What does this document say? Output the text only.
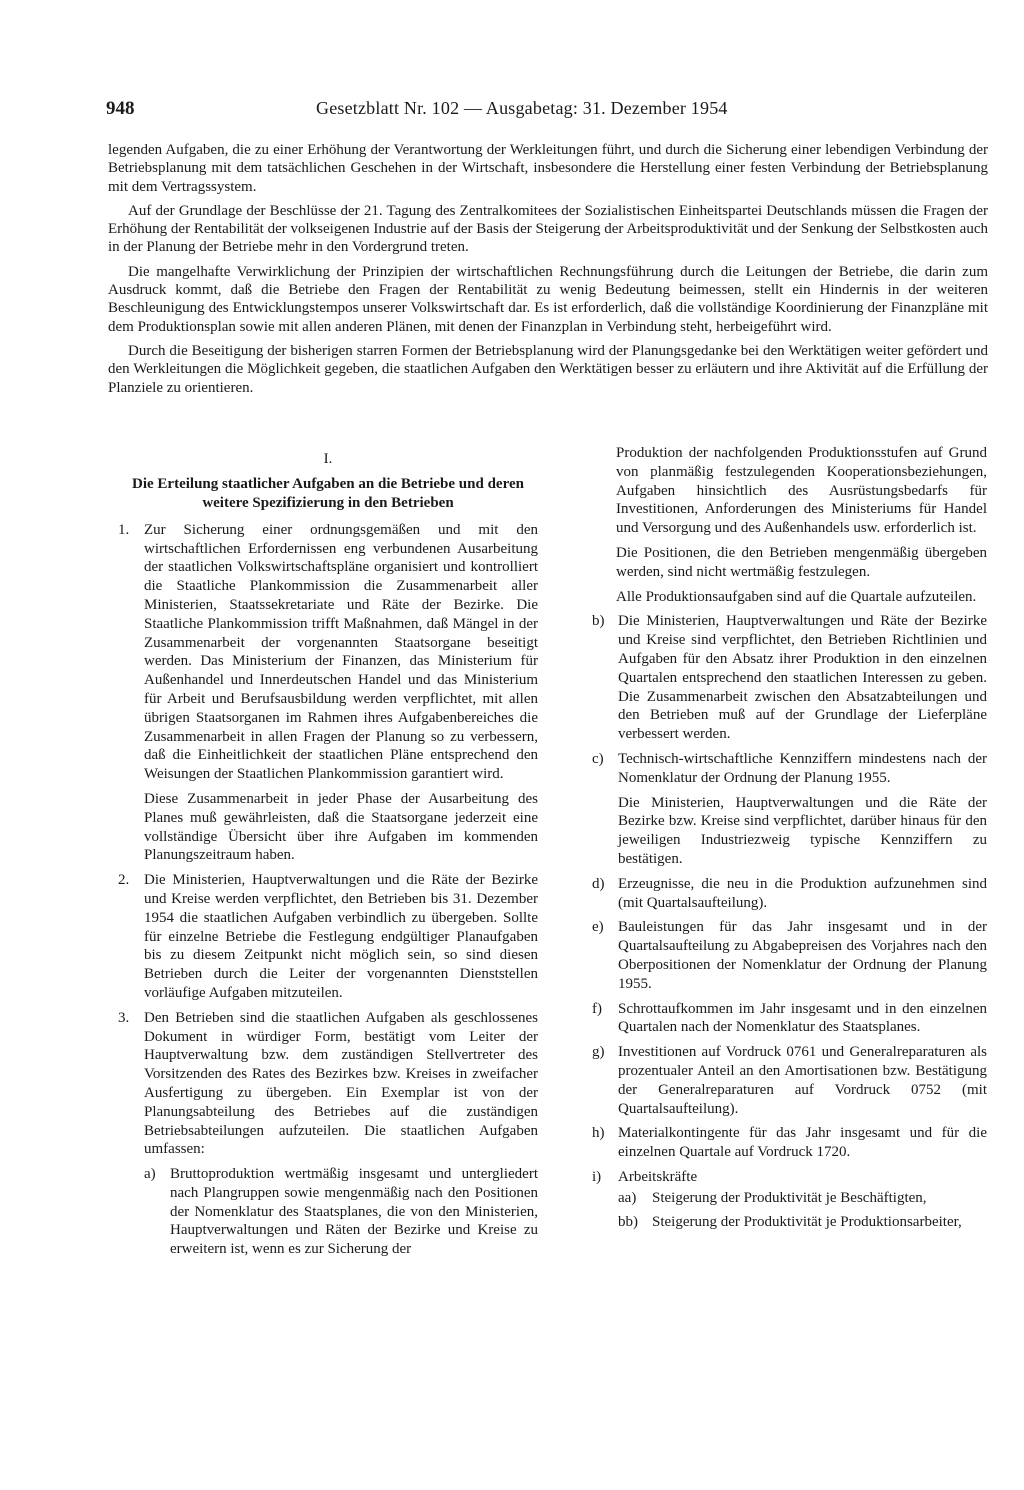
948	Gesetzblatt Nr. 102 — Ausgabetag: 31. Dezember 1954

legenden Aufgaben, die zu einer Erhöhung der Verantwortung der Werkleitungen führt, und durch die Sicherung einer lebendigen Verbindung der Betriebsplanung mit dem tatsächlichen Geschehen in der Wirtschaft, insbesondere die Herstellung einer festen Verbindung der Betriebsplanung mit dem Vertragssystem.

Auf der Grundlage der Beschlüsse der 21. Tagung des Zentralkomitees der Sozialistischen Einheitspartei Deutschlands müssen die Fragen der Erhöhung der Rentabilität der volkseigenen Industrie auf der Basis der Steigerung der Arbeitsproduktivität und der Senkung der Selbstkosten auch in der Planung der Betriebe mehr in den Vordergrund treten.

Die mangelhafte Verwirklichung der Prinzipien der wirtschaftlichen Rechnungsführung durch die Leitungen der Betriebe, die darin zum Ausdruck kommt, daß die Betriebe den Fragen der Rentabilität zu wenig Bedeutung beimessen, stellt ein Hindernis in der weiteren Beschleunigung des Entwicklungstempos unserer Volkswirtschaft dar. Es ist erforderlich, daß die vollständige Koordinierung der Finanzpläne mit dem Produktionsplan sowie mit allen anderen Plänen, mit denen der Finanzplan in Verbindung steht, herbeigeführt wird.

Durch die Beseitigung der bisherigen starren Formen der Betriebsplanung wird der Planungsgedanke bei den Werktätigen weiter gefördert und den Werkleitungen die Möglichkeit gegeben, die staatlichen Aufgaben den Werktätigen besser zu erläutern und ihre Aktivität auf die Erfüllung der Planziele zu orientieren.

I.
Die Erteilung staatlicher Aufgaben an die Betriebe und deren weitere Spezifizierung in den Betrieben
1. Zur Sicherung einer ordnungsgemäßen und mit den wirtschaftlichen Erfordernissen eng verbundenen Ausarbeitung der staatlichen Volkswirtschaftspläne organisiert und kontrolliert die Staatliche Plankommission die Zusammenarbeit aller Ministerien, Staatssekretariate und Räte der Bezirke. Die Staatliche Plankommission trifft Maßnahmen, daß Mängel in der Zusammenarbeit der vorgenannten Staatsorgane beseitigt werden. Das Ministerium der Finanzen, das Ministerium für Außenhandel und Innerdeutschen Handel und das Ministerium für Arbeit und Berufsausbildung werden verpflichtet, mit allen übrigen Staatsorganen im Rahmen ihres Aufgabenbereiches die Zusammenarbeit in allen Fragen der Planung so zu verbessern, daß die Einheitlichkeit der staatlichen Pläne entsprechend den Weisungen der Staatlichen Plankommission garantiert wird.

Diese Zusammenarbeit in jeder Phase der Ausarbeitung des Planes muß gewährleisten, daß die Staatsorgane jederzeit eine vollständige Übersicht über ihre Aufgaben im kommenden Planungszeitraum haben.

2. Die Ministerien, Hauptverwaltungen und die Räte der Bezirke und Kreise werden verpflichtet, den Betrieben bis 31. Dezember 1954 die staatlichen Aufgaben verbindlich zu übergeben. Sollte für einzelne Betriebe die Festlegung endgültiger Planaufgaben bis zu diesem Zeitpunkt nicht möglich sein, so sind diesen Betrieben durch die Leiter der vorgenannten Dienststellen vorläufige Aufgaben mitzuteilen.

3. Den Betrieben sind die staatlichen Aufgaben als geschlossenes Dokument in würdiger Form, bestätigt vom Leiter der Hauptverwaltung bzw. dem zuständigen Stellvertreter des Vorsitzenden des Rates des Bezirkes bzw. Kreises in zweifacher Ausfertigung zu übergeben. Ein Exemplar ist von der Planungsabteilung des Betriebes auf die zuständigen Betriebsabteilungen aufzuteilen. Die staatlichen Aufgaben umfassen:

a) Bruttoproduktion wertmäßig insgesamt und untergliedert nach Plangruppen sowie mengenmäßig nach den Positionen der Nomenklatur des Staatsplanes, die von den Ministerien, Hauptverwaltungen und Räten der Bezirke und Kreise zu erweitern ist, wenn es zur Sicherung der

Produktion der nachfolgenden Produktionsstufen auf Grund von planmäßig festzulegenden Kooperationsbeziehungen, Aufgaben hinsichtlich des Ausrüstungsbedarfs für Investitionen, Anforderungen des Ministeriums für Handel und Versorgung und des Außenhandels usw. erforderlich ist.

Die Positionen, die den Betrieben mengenmäßig übergeben werden, sind nicht wertmäßig festzulegen.

Alle Produktionsaufgaben sind auf die Quartale aufzuteilen.

b) Die Ministerien, Hauptverwaltungen und Räte der Bezirke und Kreise sind verpflichtet, den Betrieben Richtlinien und Aufgaben für den Absatz ihrer Produktion in den einzelnen Quartalen entsprechend den staatlichen Interessen zu geben. Die Zusammenarbeit zwischen den Absatzabteilungen und den Betrieben muß auf der Grundlage der Lieferpläne verbessert werden.

c) Technisch-wirtschaftliche Kennziffern mindestens nach der Nomenklatur der Ordnung der Planung 1955.

Die Ministerien, Hauptverwaltungen und die Räte der Bezirke bzw. Kreise sind verpflichtet, darüber hinaus für den jeweiligen Industriezweig typische Kennziffern zu bestätigen.

d) Erzeugnisse, die neu in die Produktion aufzunehmen sind (mit Quartalsaufteilung).

e) Bauleistungen für das Jahr insgesamt und in der Quartalsaufteilung zu Abgabepreisen des Vorjahres nach den Oberpositionen der Nomenklatur der Ordnung der Planung 1955.

f) Schrottaufkommen im Jahr insgesamt und in den einzelnen Quartalen nach der Nomenklatur des Staatsplanes.

g) Investitionen auf Vordruck 0761 und Generalreparaturen als prozentualer Anteil an den Amortisationen bzw. Bestätigung der Generalreparaturen auf Vordruck 0752 (mit Quartalsaufteilung).

h) Materialkontingente für das Jahr insgesamt und für die einzelnen Quartale auf Vordruck 1720.

i) Arbeitskräfte

aa) Steigerung der Produktivität je Beschäftigten,

bb) Steigerung der Produktivität je Produktionsarbeiter,
